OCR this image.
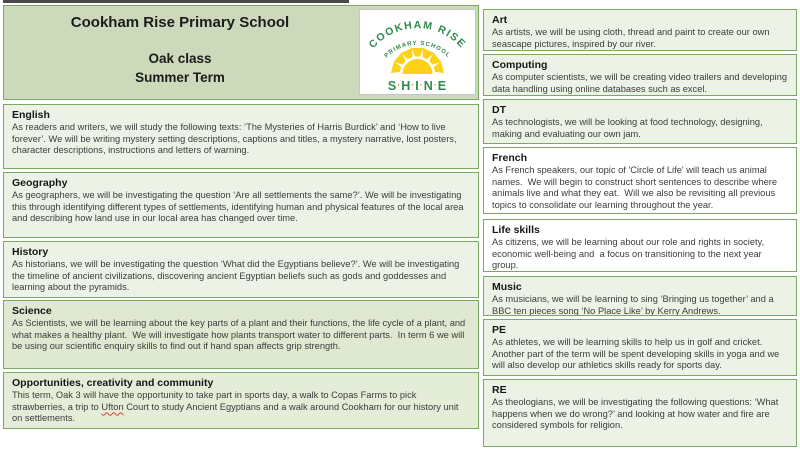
Cookham Rise Primary School
Oak class
Summer Term
COOKHAM RISE
PRIMARY SCHOOL
S·H·I·N·E
English
As readers and writers, we will study the following texts: ‘The Mysteries of Harris Burdick’ and ‘How to live forever’. We will be writing mystery setting descriptions, captions and titles, a mystery narrative, lost posters, character descriptions, instructions and letters of warning.
Geography
As geographers, we will be investigating the question ‘Are all settlements the same?’. We will be investigating this through identifying different types of settlements, identifying human and physical features of the local area and describing how land use in our local area has changed over time.
History
As historians, we will be investigating the question ‘What did the Egyptians believe?’. We will be investigating the timeline of ancient civilizations, discovering ancient Egyptian beliefs such as gods and goddesses and learning about the pyramids.
Science
As Scientists, we will be learning about the key parts of a plant and their functions, the life cycle of a plant, and what makes a healthy plant.  We will investigate how plants transport water to different parts.  In term 6 we will be using our scientific enquiry skills to find out if hand span affects grip strength.
Opportunities, creativity and community
This term, Oak 3 will have the opportunity to take part in sports day, a walk to Copas Farms to pick strawberries, a trip to Ufton Court to study Ancient Egyptians and a walk around Cookham for our history unit on settlements.
Art
As artists, we will be using cloth, thread and paint to create our own seascape pictures, inspired by our river.
Computing
As computer scientists, we will be creating video trailers and developing data handling using online databases such as excel.
DT
As technologists, we will be looking at food technology, designing, making and evaluating our own jam.
French
As French speakers, our topic of 'Circle of Life' will teach us animal names.  We will begin to construct short sentences to describe where animals live and what they eat.  Will we also be revisiting all previous topics to consolidate our learning throughout the year.
Life skills
As citizens, we will be learning about our role and rights in society, economic well-being and  a focus on transitioning to the next year group.
Music
As musicians, we will be learning to sing ‘Bringing us together’ and a BBC ten pieces song ‘No Place Like’ by Kerry Andrews.
PE
As athletes, we will be learning skills to help us in golf and cricket. Another part of the term will be spent developing skills in yoga and we will also develop our athletics skills ready for sports day.
RE
As theologians, we will be investigating the following questions: ‘What happens when we do wrong?’ and looking at how water and fire are considered symbols for religion.
